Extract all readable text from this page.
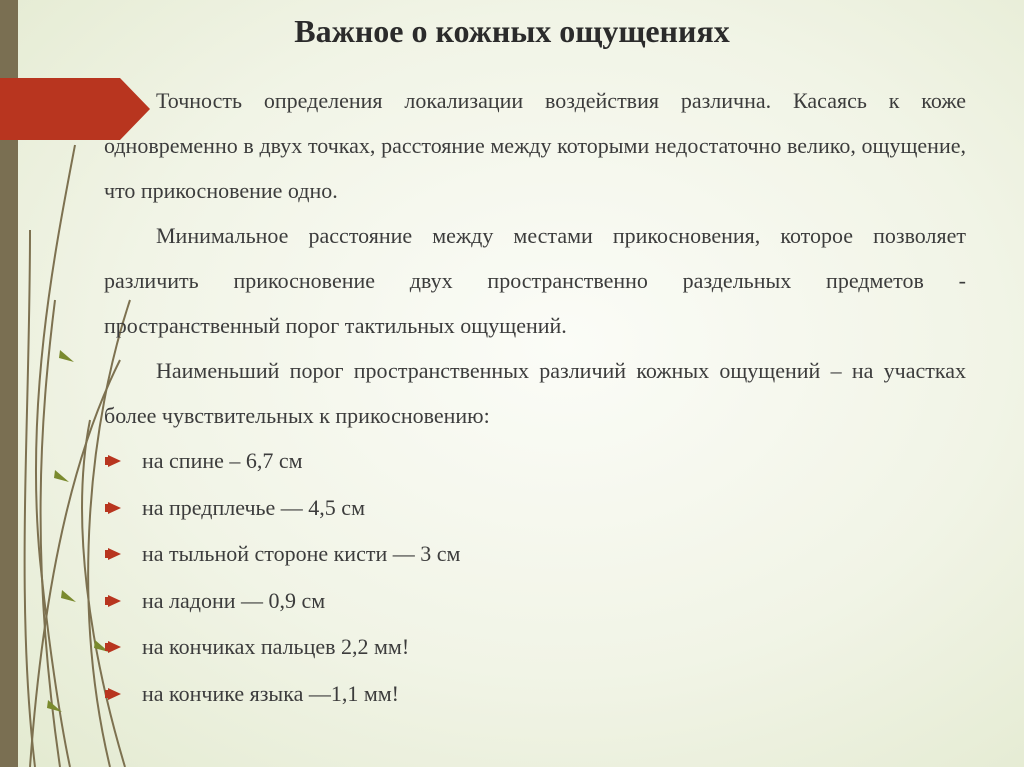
Важное о кожных ощущениях

Точность определения локализации воздействия различна. Касаясь к коже одновременно в двух точках, расстояние между которыми недостаточно велико, ощущение, что прикосновение одно.

Минимальное расстояние между местами прикосновения, которое позволяет различить прикосновение двух пространственно раздельных предметов - пространственный порог тактильных ощущений.

Наименьший порог пространственных различий кожных ощущений – на участках более чувствительных к прикосновению:

на спине – 6,7 см
на предплечье — 4,5 см
на тыльной стороне кисти — 3 см
на ладони — 0,9 см
на кончиках пальцев 2,2 мм!
на кончике языка —1,1 мм!
